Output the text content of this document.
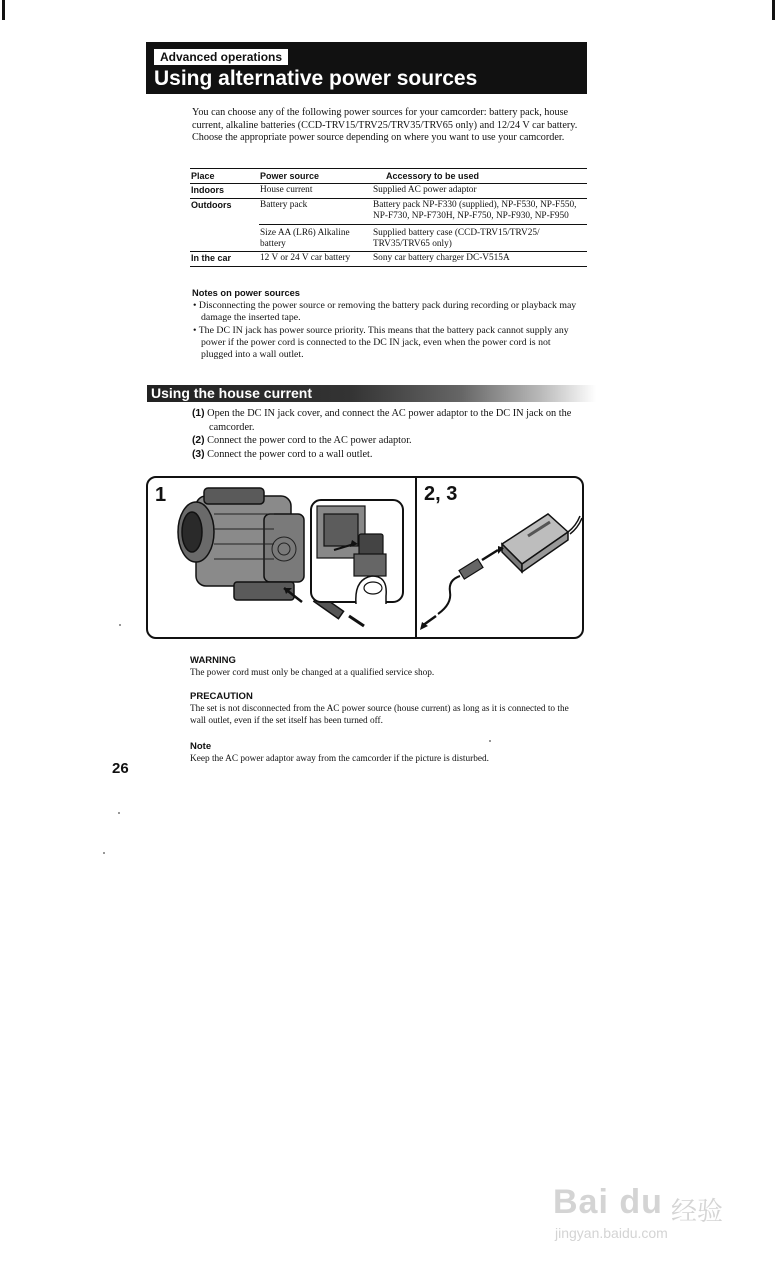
Advanced operations
Using alternative power sources
You can choose any of the following power sources for your camcorder: battery pack, house current, alkaline batteries (CCD-TRV15/TRV25/TRV35/TRV65 only) and 12/24 V car battery. Choose the appropriate power source depending on where you want to use your camcorder.
Place	Power source	Accessory to be used
Indoors	House current	Supplied AC power adaptor
Outdoors	Battery pack	Battery pack NP-F330 (supplied), NP-F530, NP-F550, NP-F730, NP-F730H, NP-F750, NP-F930, NP-F950
	Size AA (LR6) Alkaline battery	Supplied battery case (CCD-TRV15/TRV25/ TRV35/TRV65 only)
In the car	12 V or 24 V car battery	Sony car battery charger DC-V515A
Notes on power sources
• Disconnecting the power source or removing the battery pack during recording or playback may damage the inserted tape.
• The DC IN jack has power source priority. This means that the battery pack cannot supply any power if the power cord is connected to the DC IN jack, even when the power cord is not plugged into a wall outlet.
Using the house current
(1) Open the DC IN jack cover, and connect the AC power adaptor to the DC IN jack on the camcorder.
(2) Connect the power cord to the AC power adaptor.
(3) Connect the power cord to a wall outlet.
1	2, 3
WARNING
The power cord must only be changed at a qualified service shop.
PRECAUTION
The set is not disconnected from the AC power source (house current) as long as it is connected to the wall outlet, even if the set itself has been turned off.
Note
Keep the AC power adaptor away from the camcorder if the picture is disturbed.
26
Bai du 经验
jingyan.baidu.com
